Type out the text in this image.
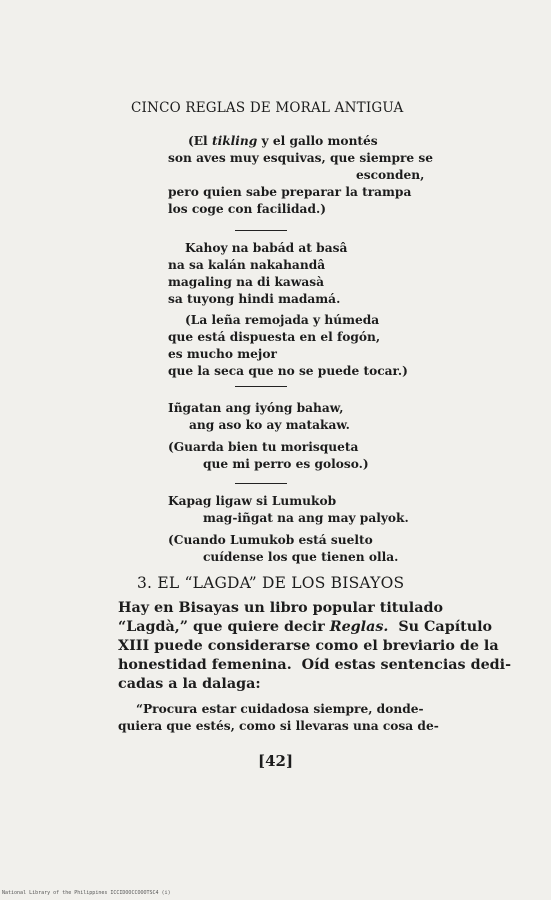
CINCO REGLAS DE MORAL ANTIGUA
(El tikling y el gallo montés
son aves muy esquivas, que siempre se
esconden,
pero quien sabe preparar la trampa
los coge con facilidad.)
Kahoy na babád at basâ
na sa kalán nakahandâ
magaling na di kawasà
sa tuyong hindi madamá.
(La leña remojada y húmeda
que está dispuesta en el fogón,
es mucho mejor
que la seca que no se puede tocar.)
Iñgatan ang iyóng bahaw,
ang aso ko ay matakaw.
(Guarda bien tu morisqueta
que mi perro es goloso.)
Kapag ligaw si Lumukob
mag-iñgat na ang may palyok.
(Cuando Lumukob está suelto
cuídense los que tienen olla.
3. EL “LAGDA” DE LOS BISAYOS
Hay en Bisayas un libro popular titulado
“Lagdà,” que quiere decir Reglas.  Su Capítulo
XIII puede considerarse como el breviario de la
honestidad femenina.  Oíd estas sentencias dedi-
cadas a la dalaga:
“Procura estar cuidadosa siempre, donde-
quiera que estés, como si llevaras una cosa de-
[42]
National Library of the Philippines ICCIDOOCCOOOTSC4 (i)
